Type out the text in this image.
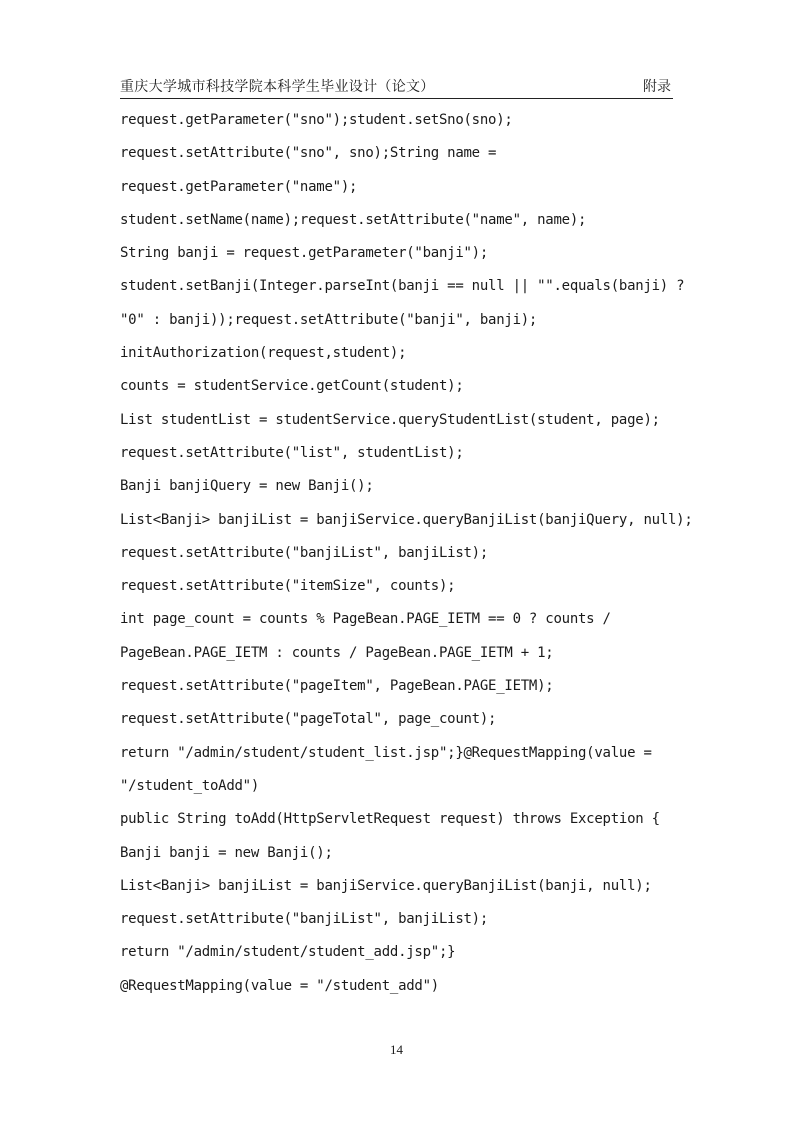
重庆大学城市科技学院本科学生毕业设计（论文）	附录
request.getParameter("sno");student.setSno(sno);
request.setAttribute("sno", sno);String name =
request.getParameter("name");
student.setName(name);request.setAttribute("name", name);
String banji = request.getParameter("banji");
student.setBanji(Integer.parseInt(banji == null || "".equals(banji) ?
"0" : banji));request.setAttribute("banji", banji);
initAuthorization(request,student);
counts = studentService.getCount(student);
List studentList = studentService.queryStudentList(student, page);
request.setAttribute("list", studentList);
Banji banjiQuery = new Banji();
List<Banji> banjiList = banjiService.queryBanjiList(banjiQuery, null);
request.setAttribute("banjiList", banjiList);
request.setAttribute("itemSize", counts);
int page_count = counts % PageBean.PAGE_IETM == 0 ? counts /
PageBean.PAGE_IETM : counts / PageBean.PAGE_IETM + 1;
request.setAttribute("pageItem", PageBean.PAGE_IETM);
request.setAttribute("pageTotal", page_count);
return "/admin/student/student_list.jsp";}@RequestMapping(value =
"/student_toAdd")
public String toAdd(HttpServletRequest request) throws Exception {
Banji banji = new Banji();
List<Banji> banjiList = banjiService.queryBanjiList(banji, null);
request.setAttribute("banjiList", banjiList);
return "/admin/student/student_add.jsp";}
@RequestMapping(value = "/student_add")
14
